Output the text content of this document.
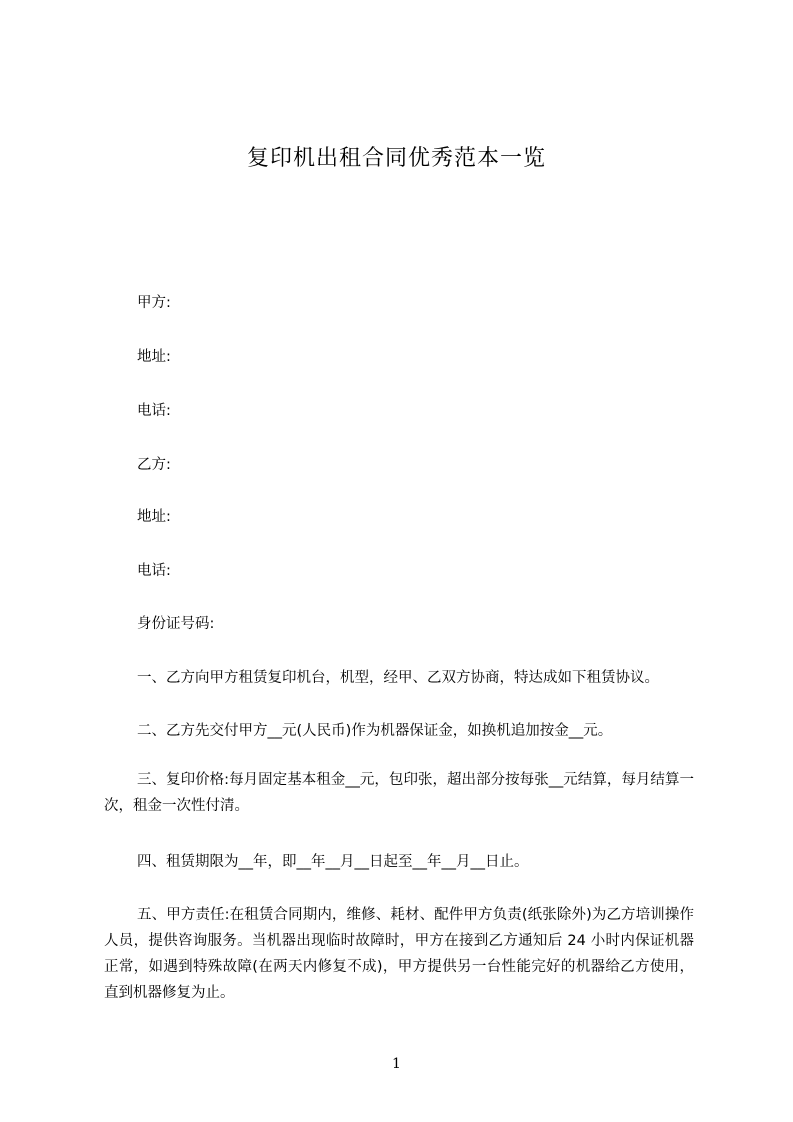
复印机出租合同优秀范本一览
甲方:
地址:
电话:
乙方:
地址:
电话:
身份证号码:
一、乙方向甲方租赁复印机台，机型，经甲、乙双方协商，特达成如下租赁协议。
二、乙方先交付甲方__元(人民币)作为机器保证金，如换机追加按金__元。
三、复印价格:每月固定基本租金__元，包印张，超出部分按每张__元结算，每月结算一次，租金一次性付清。
四、租赁期限为__年，即__年__月__日起至__年__月__日止。
五、甲方责任:在租赁合同期内，维修、耗材、配件甲方负责(纸张除外)为乙方培训操作人员，提供咨询服务。当机器出现临时故障时，甲方在接到乙方通知后 24 小时内保证机器正常，如遇到特殊故障(在两天内修复不成)，甲方提供另一台性能完好的机器给乙方使用，直到机器修复为止。
1
